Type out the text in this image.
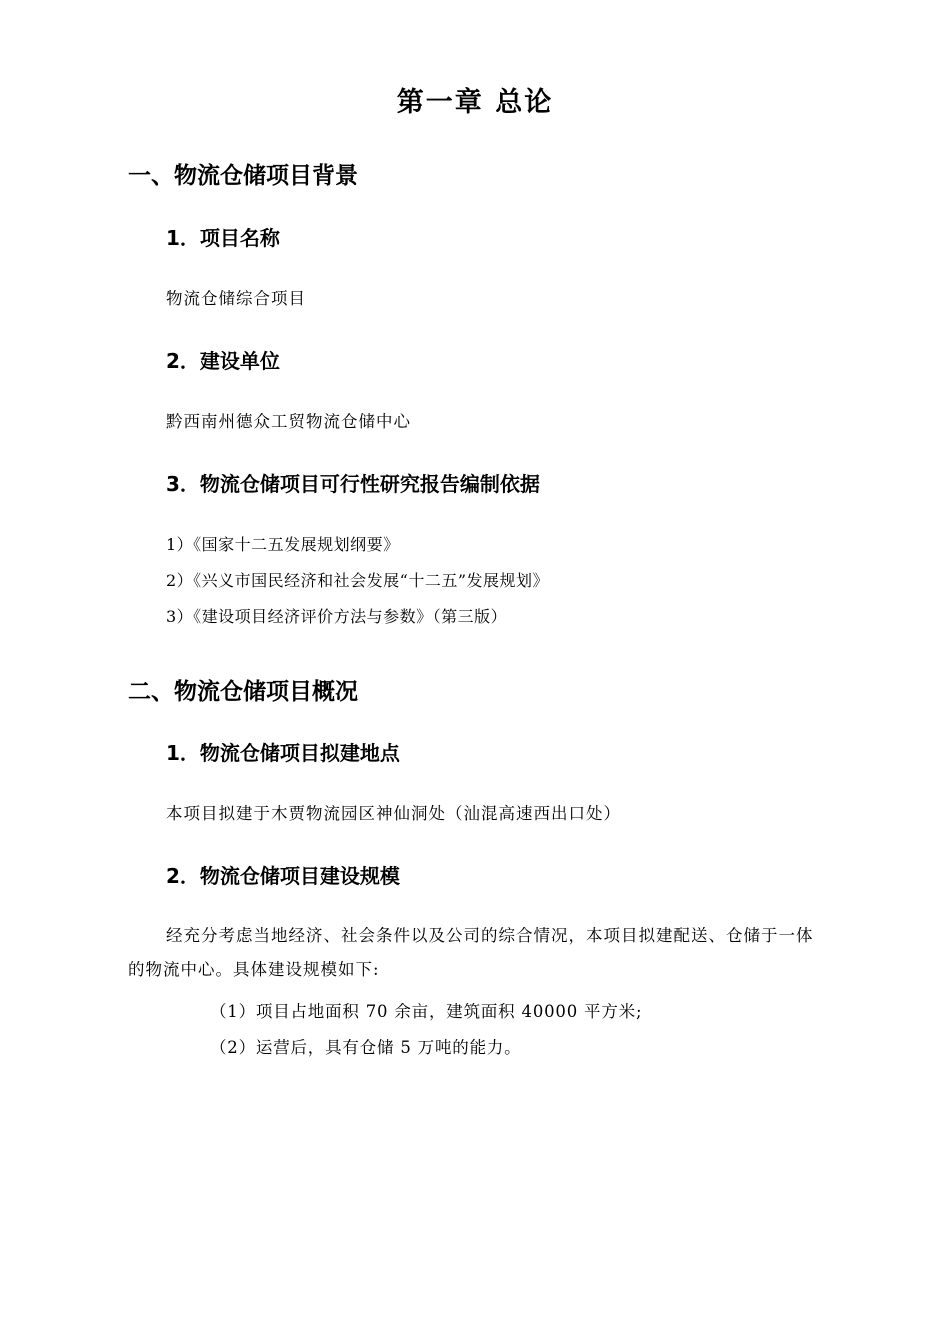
第一章 总论
一、物流仓储项目背景
1．项目名称
物流仓储综合项目
2．建设单位
黔西南州德众工贸物流仓储中心
3．物流仓储项目可行性研究报告编制依据
1）《国家十二五发展规划纲要》
2）《兴义市国民经济和社会发展“十二五”发展规划》
3）《建设项目经济评价方法与参数》（第三版）
二、物流仓储项目概况
1．物流仓储项目拟建地点
本项目拟建于木贾物流园区神仙洞处（汕混高速西出口处）
2．物流仓储项目建设规模
经充分考虑当地经济、社会条件以及公司的综合情况，本项目拟建配送、仓储于一体的物流中心。具体建设规模如下:
（1）项目占地面积 70 余亩，建筑面积 40000 平方米;
（2）运营后，具有仓储 5 万吨的能力。
